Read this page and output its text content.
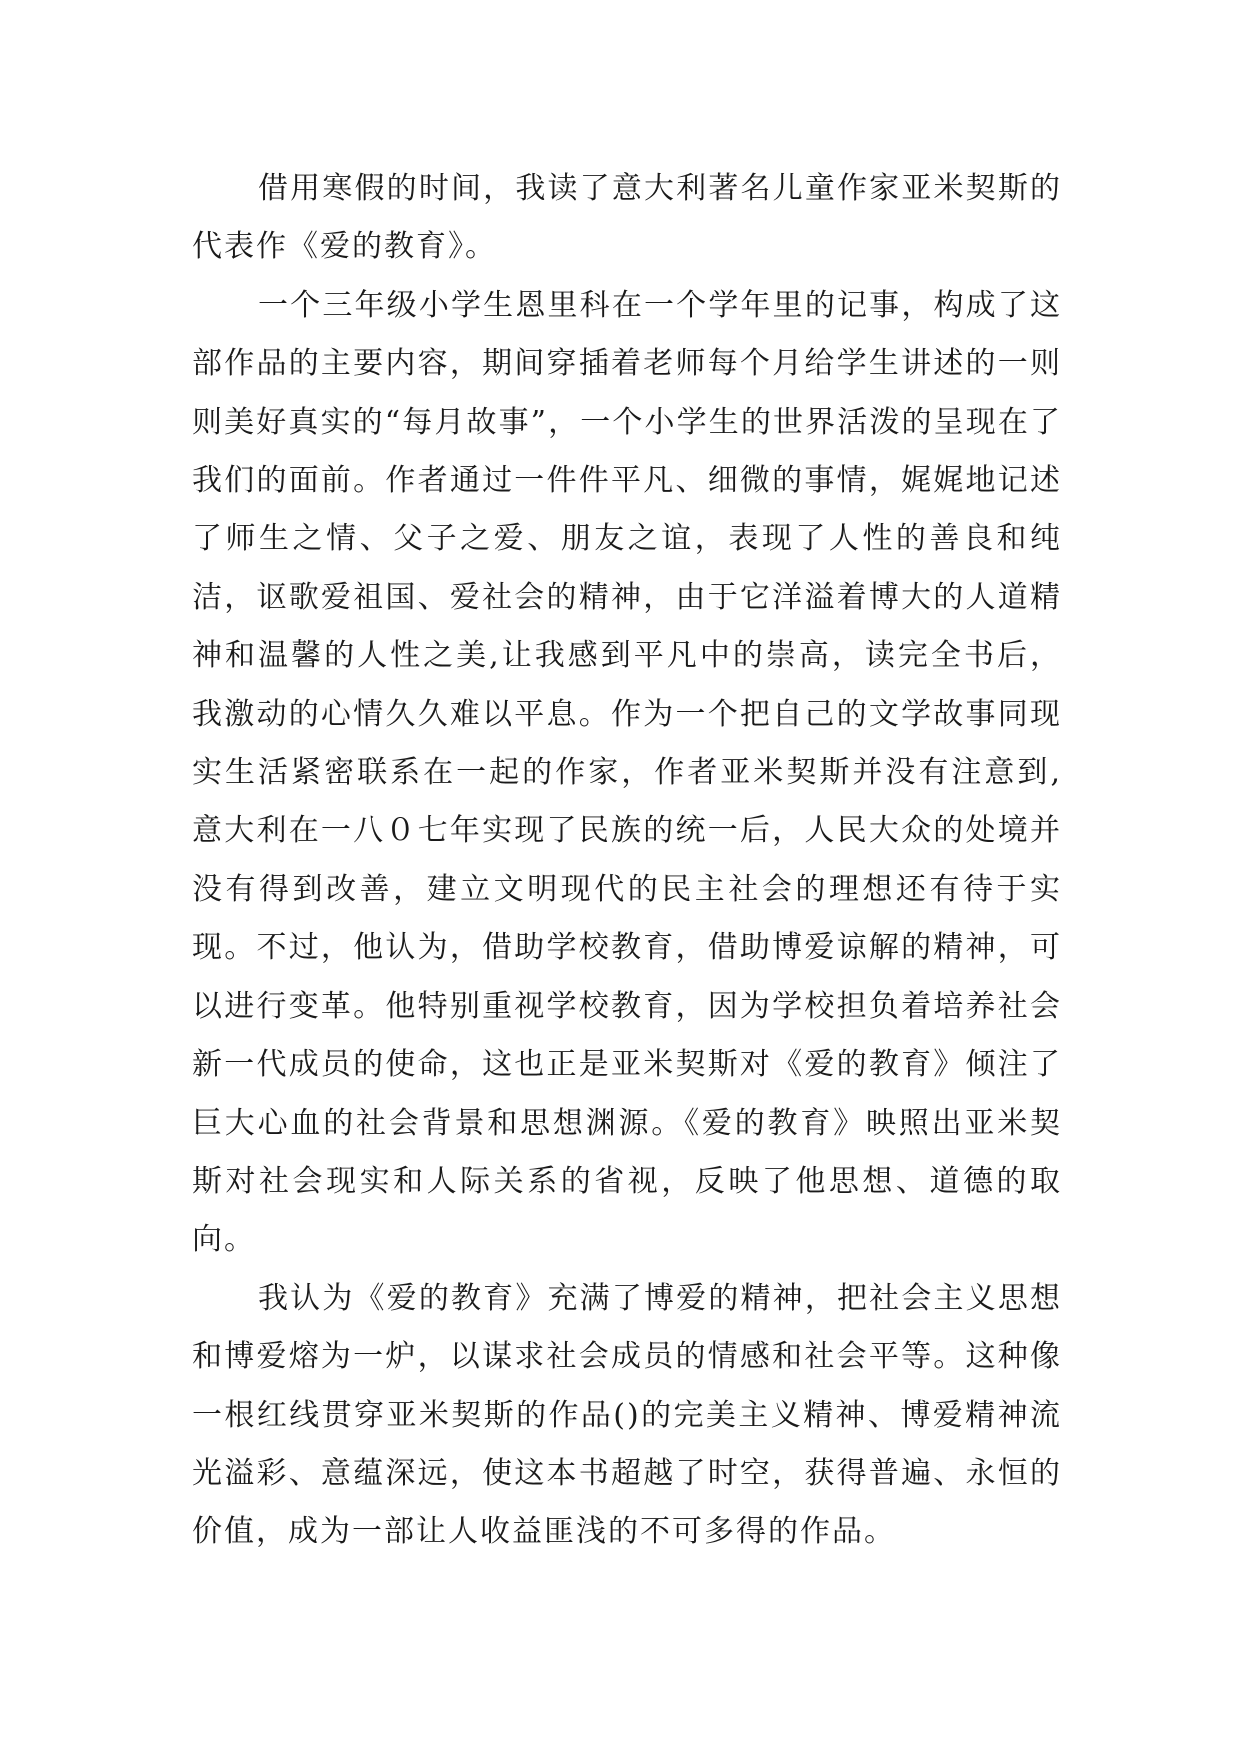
借用寒假的时间，我读了意大利著名儿童作家亚米契斯的代表作《爱的教育》。

一个三年级小学生恩里科在一个学年里的记事，构成了这部作品的主要内容，期间穿插着老师每个月给学生讲述的一则则美好真实的“每月故事”，一个小学生的世界活泼的呈现在了我们的面前。作者通过一件件平凡、细微的事情，娓娓地记述了师生之情、父子之爱、朋友之谊，表现了人性的善良和纯洁，讴歌爱祖国、爱社会的精神，由于它洋溢着博大的人道精神和温馨的人性之美,让我感到平凡中的崇高，读完全书后，我激动的心情久久难以平息。作为一个把自己的文学故事同现实生活紧密联系在一起的作家，作者亚米契斯并没有注意到,意大利在一八０七年实现了民族的统一后，人民大众的处境并没有得到改善，建立文明现代的民主社会的理想还有待于实现。不过，他认为，借助学校教育，借助博爱谅解的精神，可以进行变革。他特别重视学校教育，因为学校担负着培养社会新一代成员的使命，这也正是亚米契斯对《爱的教育》倾注了巨大心血的社会背景和思想渊源。《爱的教育》映照出亚米契斯对社会现实和人际关系的省视，反映了他思想、道德的取向。

我认为《爱的教育》充满了博爱的精神，把社会主义思想和博爱熔为一炉，以谋求社会成员的情感和社会平等。这种像一根红线贯穿亚米契斯的作品()的完美主义精神、博爱精神流光溢彩、意蕴深远，使这本书超越了时空，获得普遍、永恒的价值，成为一部让人收益匪浅的不可多得的作品。
